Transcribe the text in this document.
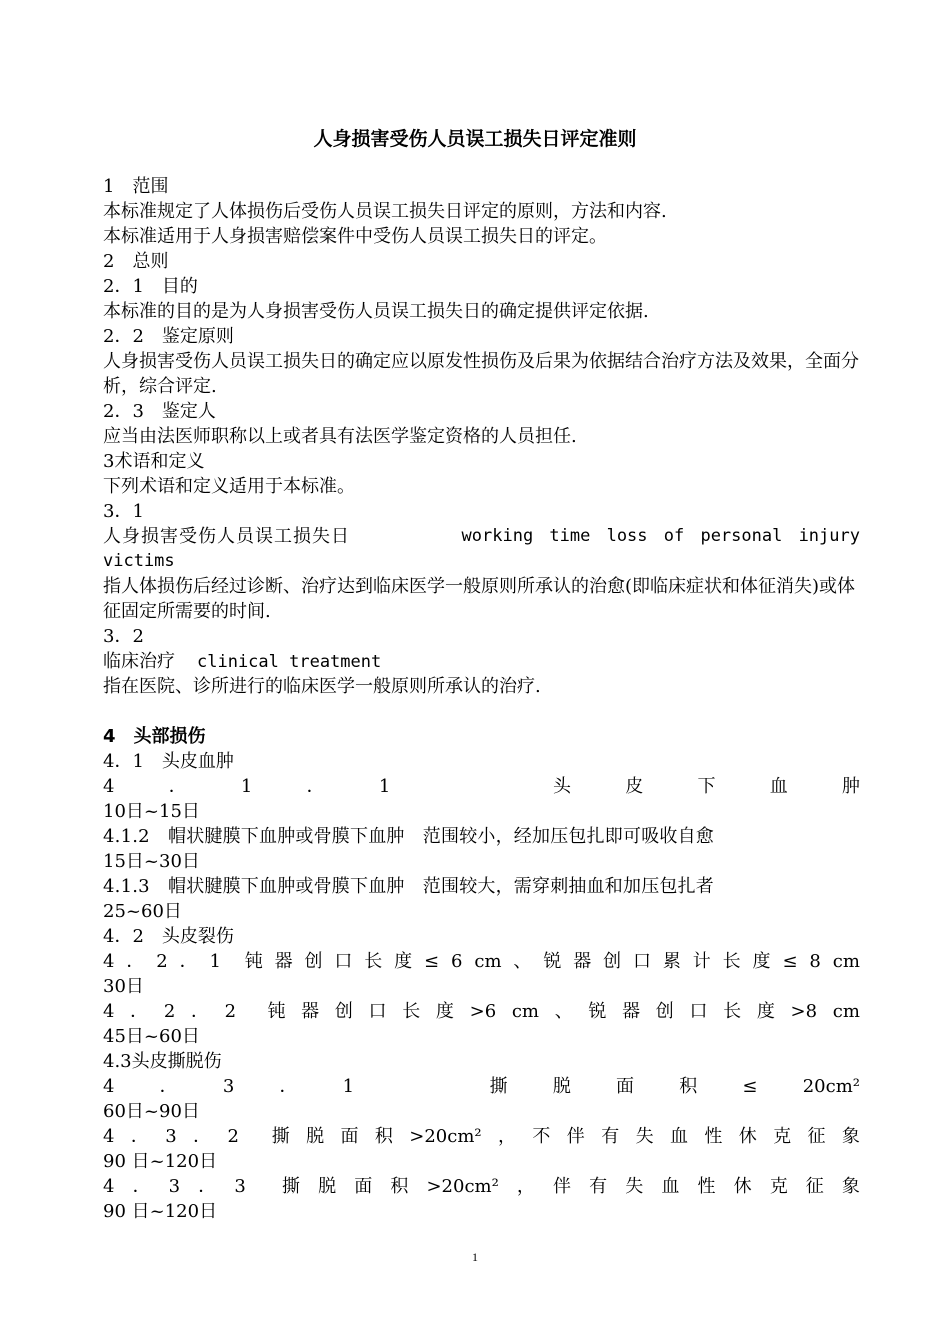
人身损害受伤人员误工损失日评定准则
1　范围
本标准规定了人体损伤后受伤人员误工损失日评定的原则，方法和内容.
本标准适用于人身损害赔偿案件中受伤人员误工损失日的评定。
2　总则
2．1　目的
本标准的目的是为人身损害受伤人员误工损失日的确定提供评定依据.
2．2　鉴定原则
人身损害受伤人员误工损失日的确定应以原发性损伤及后果为依据结合治疗方法及效果，全面分析，综合评定.
2．3　鉴定人
应当由法医师职称以上或者具有法医学鉴定资格的人员担任.
3术语和定义
下列术语和定义适用于本标准。
3．1
人身损害受伤人员误工损失日	working time loss of personal injury
victims
指人体损伤后经过诊断、治疗达到临床医学一般原则所承认的治愈(即临床症状和体征消失)或体征固定所需要的时间.
3．2
临床治疗 clinical treatment
指在医院、诊所进行的临床医学一般原则所承认的治疗.
4　头部损伤
4．1　头皮血肿
4	．	1	．	1	头	皮	下	血	肿
10日~15日
4.1.2　帽状腱膜下血肿或骨膜下血肿　范围较小，经加压包扎即可吸收自愈
15日~30日
4.1.3　帽状腱膜下血肿或骨膜下血肿　范围较大，需穿刺抽血和加压包扎者
25~60日
4．2　头皮裂伤
4 ． 2 ． 1 钝 器 创 口 长 度 ≤ 6 cm 、 锐 器 创 口 累 计 长 度 ≤ 8 cm
30日
4 ． 2 ． 2 钝 器 创 口 长 度 >6 cm 、 锐 器 创 口 长 度 >8 cm
45日~60日
4.3头皮撕脱伤
4	．	3	．	1	撕	脱	面	积	≤	20cm²
60日~90日
4 ． 3 ． 2 撕 脱 面 积 >20cm² ， 不 伴 有 失 血 性 休 克 征 象
90 日~120日
4 ． 3 ． 3 撕 脱 面 积 >20cm² ， 伴 有 失 血 性 休 克 征 象
90 日~120日
1
